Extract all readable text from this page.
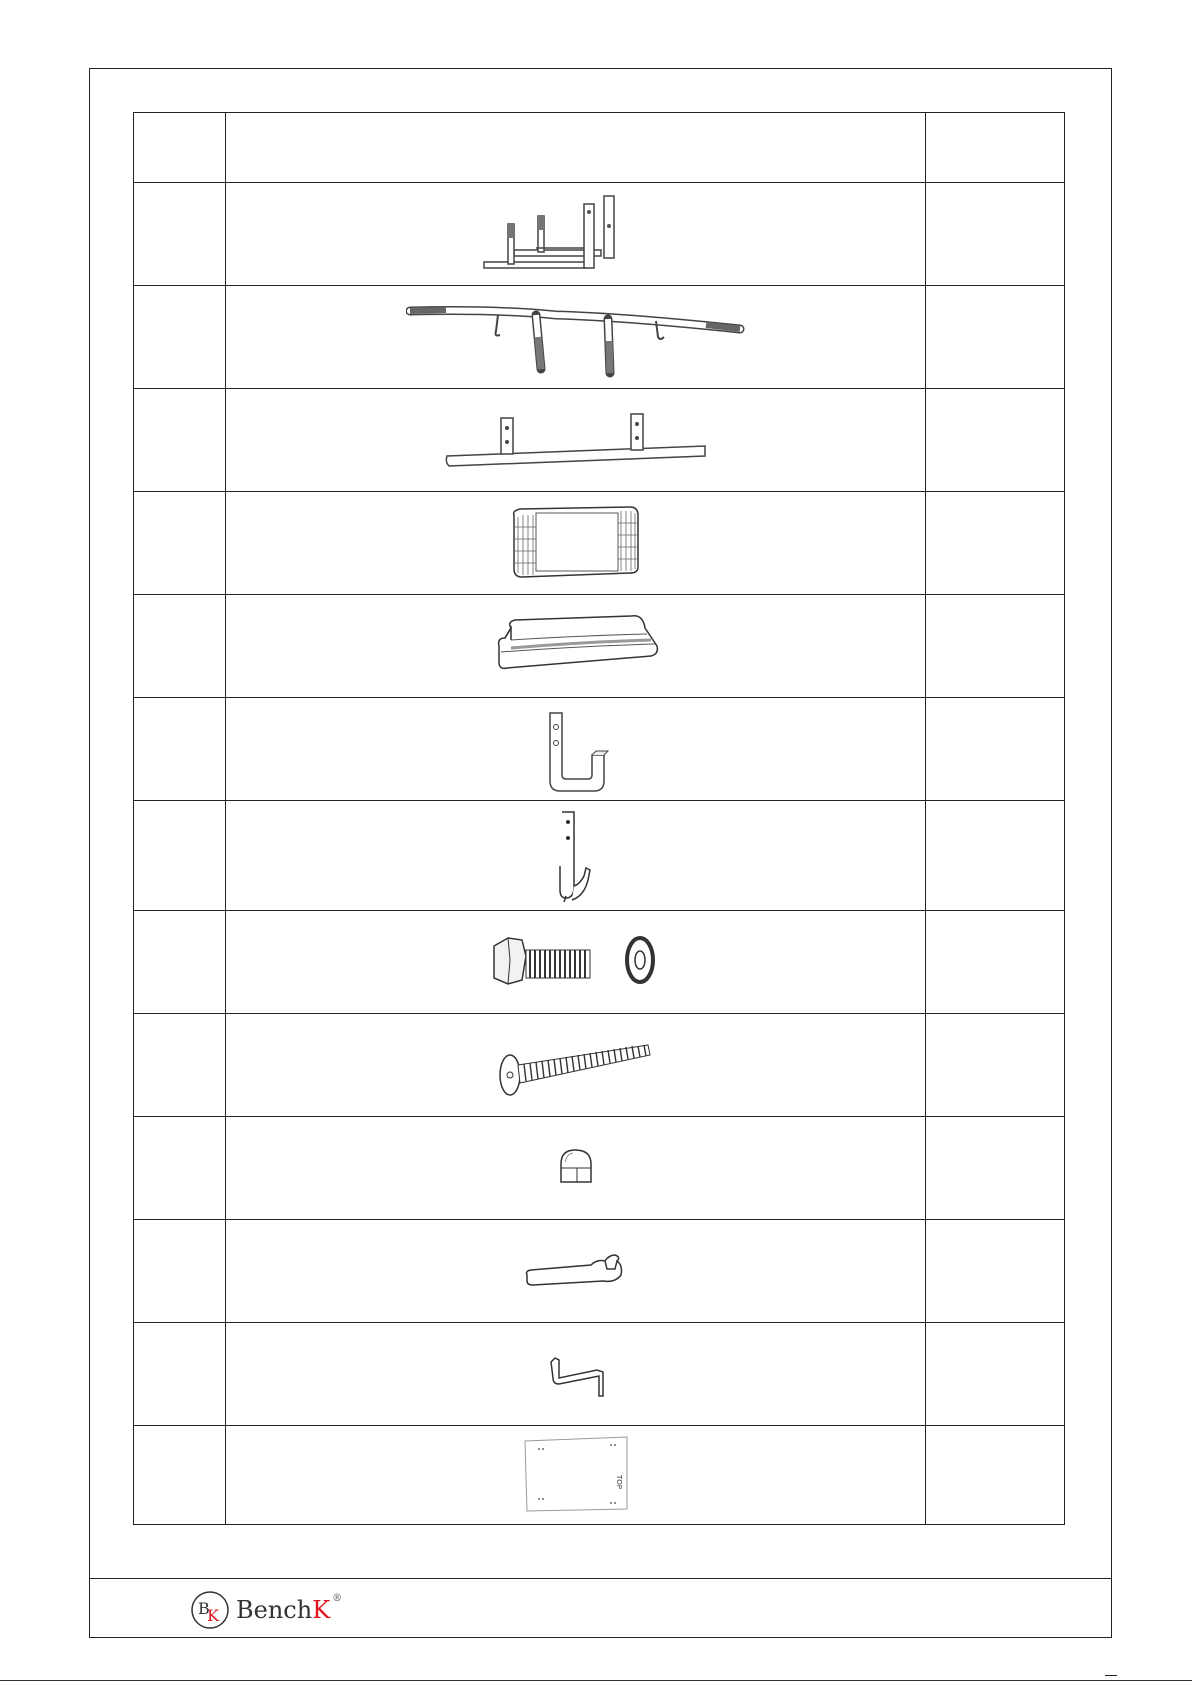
TOP	

B
K BenchK ®
